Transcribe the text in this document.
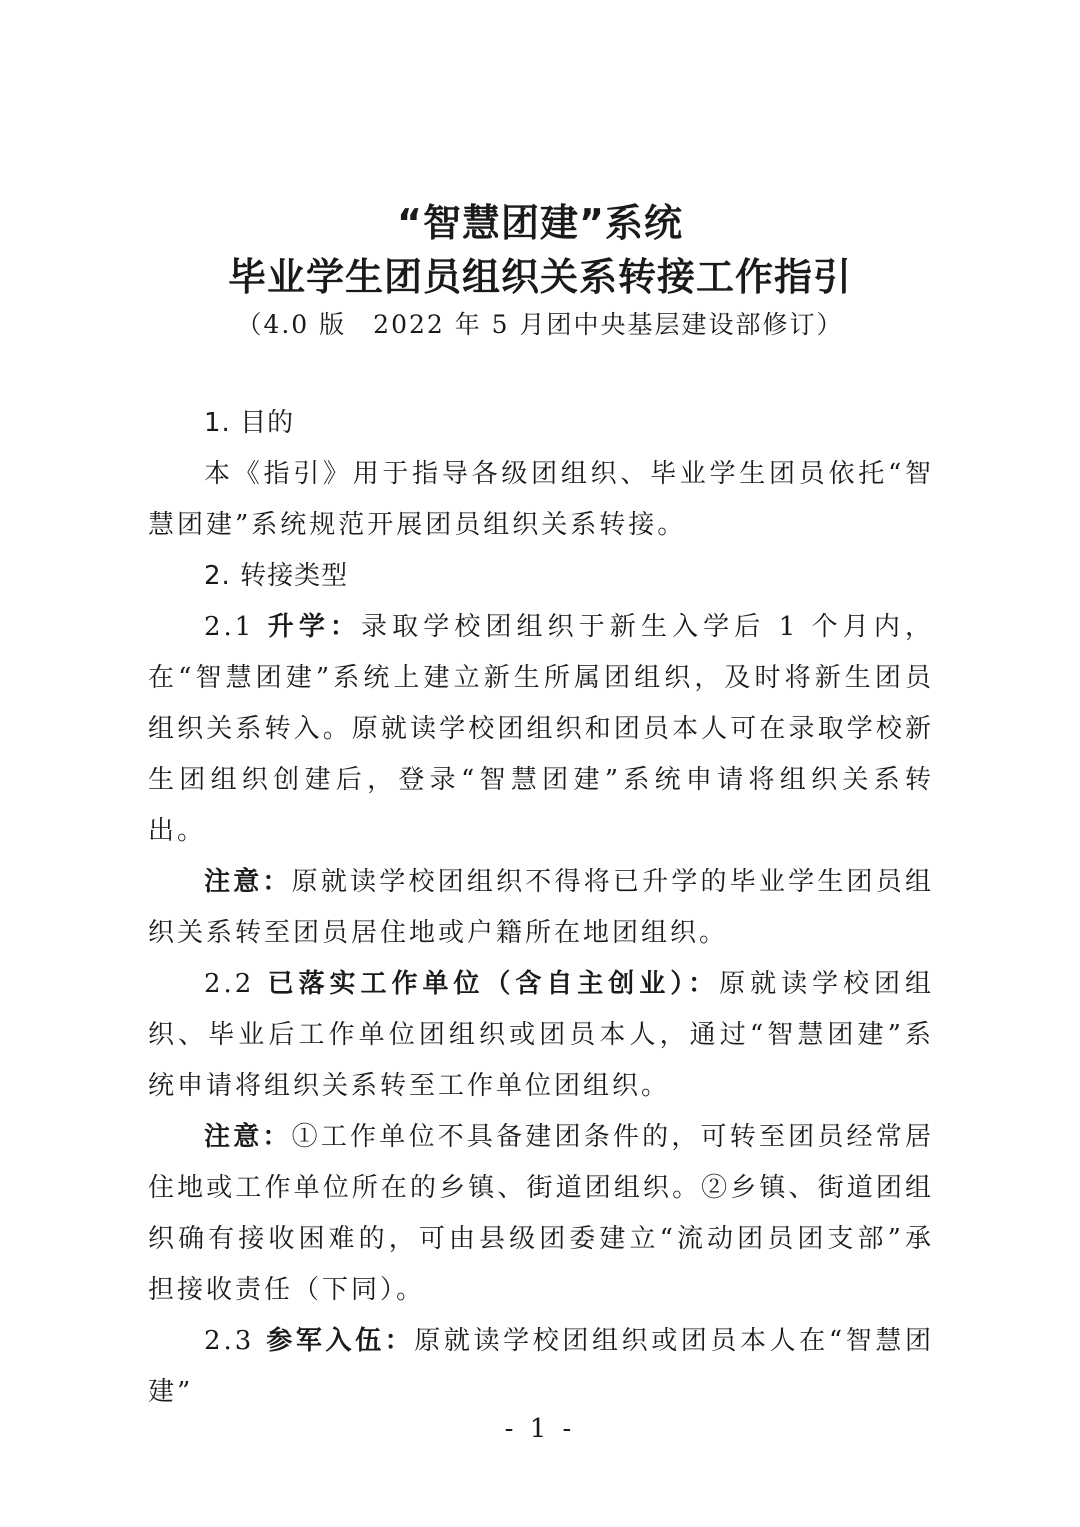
“智慧团建”系统
毕业学生团员组织关系转接工作指引
（4.0 版　2022 年 5 月团中央基层建设部修订）

1. 目的

本《指引》用于指导各级团组织、毕业学生团员依托“智慧团建”系统规范开展团员组织关系转接。

2. 转接类型

2.1 升学：录取学校团组织于新生入学后 1 个月内，在“智慧团建”系统上建立新生所属团组织，及时将新生团员组织关系转入。原就读学校团组织和团员本人可在录取学校新生团组织创建后，登录“智慧团建”系统申请将组织关系转出。

注意：原就读学校团组织不得将已升学的毕业学生团员组织关系转至团员居住地或户籍所在地团组织。

2.2 已落实工作单位（含自主创业）：原就读学校团组织、毕业后工作单位团组织或团员本人，通过“智慧团建”系统申请将组织关系转至工作单位团组织。

注意：①工作单位不具备建团条件的，可转至团员经常居住地或工作单位所在的乡镇、街道团组织。②乡镇、街道团组织确有接收困难的，可由县级团委建立“流动团员团支部”承担接收责任（下同）。

2.3 参军入伍：原就读学校团组织或团员本人在“智慧团建”

- 1 -
